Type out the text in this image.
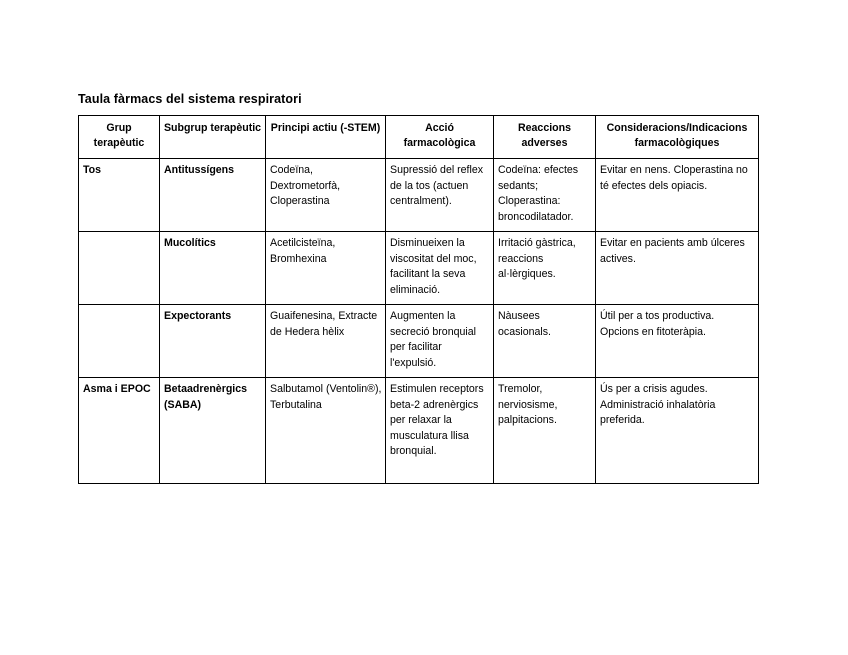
Taula fàrmacs del sistema respiratori
Grup terapèutic	Subgrup terapèutic	Principi actiu (-STEM)	Acció farmacològica	Reaccions adverses	Consideracions/Indicacions farmacològiques
Tos	Antitussígens	Codeïna, Dextrometorfà, Cloperastina	Supressió del reflex de la tos (actuen centralment).	Codeïna: efectes sedants; Cloperastina: broncodilatador.	Evitar en nens. Cloperastina no té efectes dels opiacis.
	Mucolítics	Acetilcisteïna, Bromhexina	Disminueixen la viscositat del moc, facilitant la seva eliminació.	Irritació gàstrica, reaccions al·lèrgiques.	Evitar en pacients amb úlceres actives.
	Expectorants	Guaifenesina, Extracte de Hedera hèlix	Augmenten la secreció bronquial per facilitar l'expulsió.	Nàusees ocasionals.	Útil per a tos productiva. Opcions en fitoteràpia.
Asma i EPOC	Betaadrenèrgics (SABA)	Salbutamol (Ventolin®), Terbutalina	Estimulen receptors beta-2 adrenèrgics per relaxar la musculatura llisa bronquial.	Tremolor, nerviosisme, palpitacions.	Ús per a crisis agudes. Administració inhalatòria preferida.
